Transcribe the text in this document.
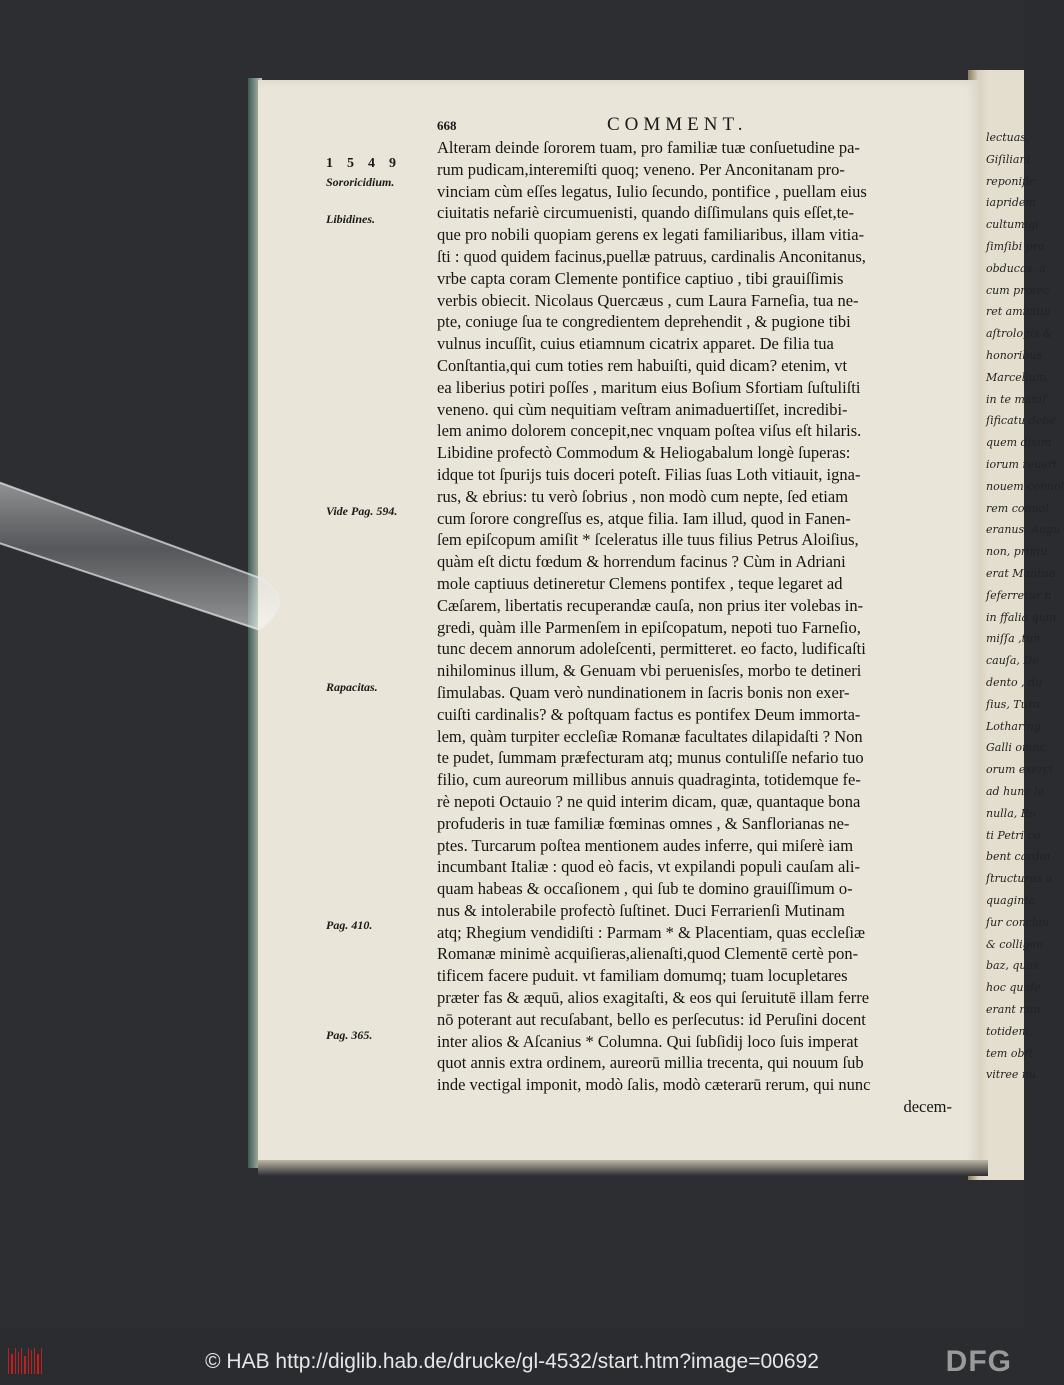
lectuas,
Giſiliani
reponific
iapridem
cultumigi
ſimſibi pra
obducas. a
cum protec
ret amicitia
aſtrologis &
honoribus
Marcellum,
in te manif
ſificatu debe
quem dixim
iorum reuert
nouem conuol
rem conuol
eranus, Augu
non, primu
erat Mantua
ſeferretur n
in ffalia quin
miſſa ,tun
cauſa, De
dento , du
ſius, Turn
Lotharing
Galli omnc
orum exerci
ad hunc lo
nulla, Ro
ti Petri co
bent cardin
ſtructuras a
quaginta
ſur conclau
& colligen
baz, quas
hoc quide
erant nun
totidem,
tem obſt
vitree nu
668	COMMENT.
1549
Sororicidium.
Libidines.
Vide Pag. 594.
Rapacitas.
Pag. 410.
Pag. 365.
Alteram deinde ſororem tuam, pro familiæ tuæ conſuetudine pa-
rum pudicam,interemiſti quoq; veneno. Per Anconitanam pro-
vinciam cùm eſſes legatus, Iulio ſecundo, pontifice , puellam eius
ciuitatis nefariè circumuenisti, quando diſſimulans quis eſſet,te-
que pro nobili quopiam gerens ex legati familiaribus, illam vitia-
ſti : quod quidem facinus,puellæ patruus, cardinalis Anconitanus,
vrbe capta coram Clemente pontifice captiuo , tibi grauiſſimis
verbis obiecit. Nicolaus Quercæus , cum Laura Farneſia, tua ne-
pte, coniuge ſua te congredientem deprehendit , & pugione tibi
vulnus incuſſit, cuius etiamnum cicatrix apparet. De filia tua
Conſtantia,qui cum toties rem habuiſti, quid dicam? etenim, vt
ea liberius potiri poſſes , maritum eius Boſium Sfortiam ſuſtuliſti
veneno. qui cùm nequitiam veſtram animaduertiſſet, incredibi-
lem animo dolorem concepit,nec vnquam poſtea viſus eſt hilaris.
Libidine profectò Commodum & Heliogabalum longè ſuperas:
idque tot ſpurijs tuis doceri poteſt. Filias ſuas Loth vitiauit, igna-
rus, & ebrius: tu verò ſobrius , non modò cum nepte, ſed etiam
cum ſorore congreſſus es, atque filia. Iam illud, quod in Fanen-
ſem epiſcopum amiſit * ſceleratus ille tuus filius Petrus Aloiſius,
quàm eſt dictu fœdum & horrendum facinus ? Cùm in Adriani
mole captiuus detineretur Clemens pontifex , teque legaret ad
Cæſarem, libertatis recuperandæ cauſa, non prius iter volebas in-
gredi, quàm ille Parmenſem in epiſcopatum, nepoti tuo Farneſio,
tunc decem annorum adoleſcenti, permitteret. eo facto, ludificaſti
nihilominus illum, & Genuam vbi peruenisſes, morbo te detineri
ſimulabas. Quam verò nundinationem in ſacris bonis non exer-
cuiſti cardinalis? & poſtquam factus es pontifex Deum immorta-
lem, quàm turpiter eccleſiæ Romanæ facultates dilapidaſti ? Non
te pudet, ſummam præfecturam atq; munus contuliſſe nefario tuo
filio, cum aureorum millibus annuis quadraginta, totidemque fe-
rè nepoti Octauio ? ne quid interim dicam, quæ, quantaque bona
profuderis in tuæ familiæ fœminas omnes , & Sanflorianas ne-
ptes. Turcarum poſtea mentionem audes inferre, qui miſerè iam
incumbant Italiæ : quod eò facis, vt expilandi populi cauſam ali-
quam habeas & occaſionem , qui ſub te domino grauiſſimum o-
nus & intolerabile profectò ſuſtinet. Duci Ferrarienſi Mutinam
atq; Rhegium vendidiſti : Parmam * & Placentiam, quas eccleſiæ
Romanæ minimè acquiſieras,alienaſti,quod Clementē certè pon-
tificem facere puduit. vt familiam domumq; tuam locupletares
præter fas & æquū, alios exagitaſti, & eos qui ſeruitutē illam ferre
nō poterant aut recuſabant, bello es perſecutus: id Peruſini docent
inter alios & Aſcanius * Columna. Qui ſubſidij loco ſuis imperat
quot annis extra ordinem, aureorū millia trecenta, qui nouum ſub
inde vectigal imponit, modò ſalis, modò cæterarū rerum, qui nunc
decem-
© HAB http://diglib.hab.de/drucke/gl-4532/start.htm?image=00692	DFG
